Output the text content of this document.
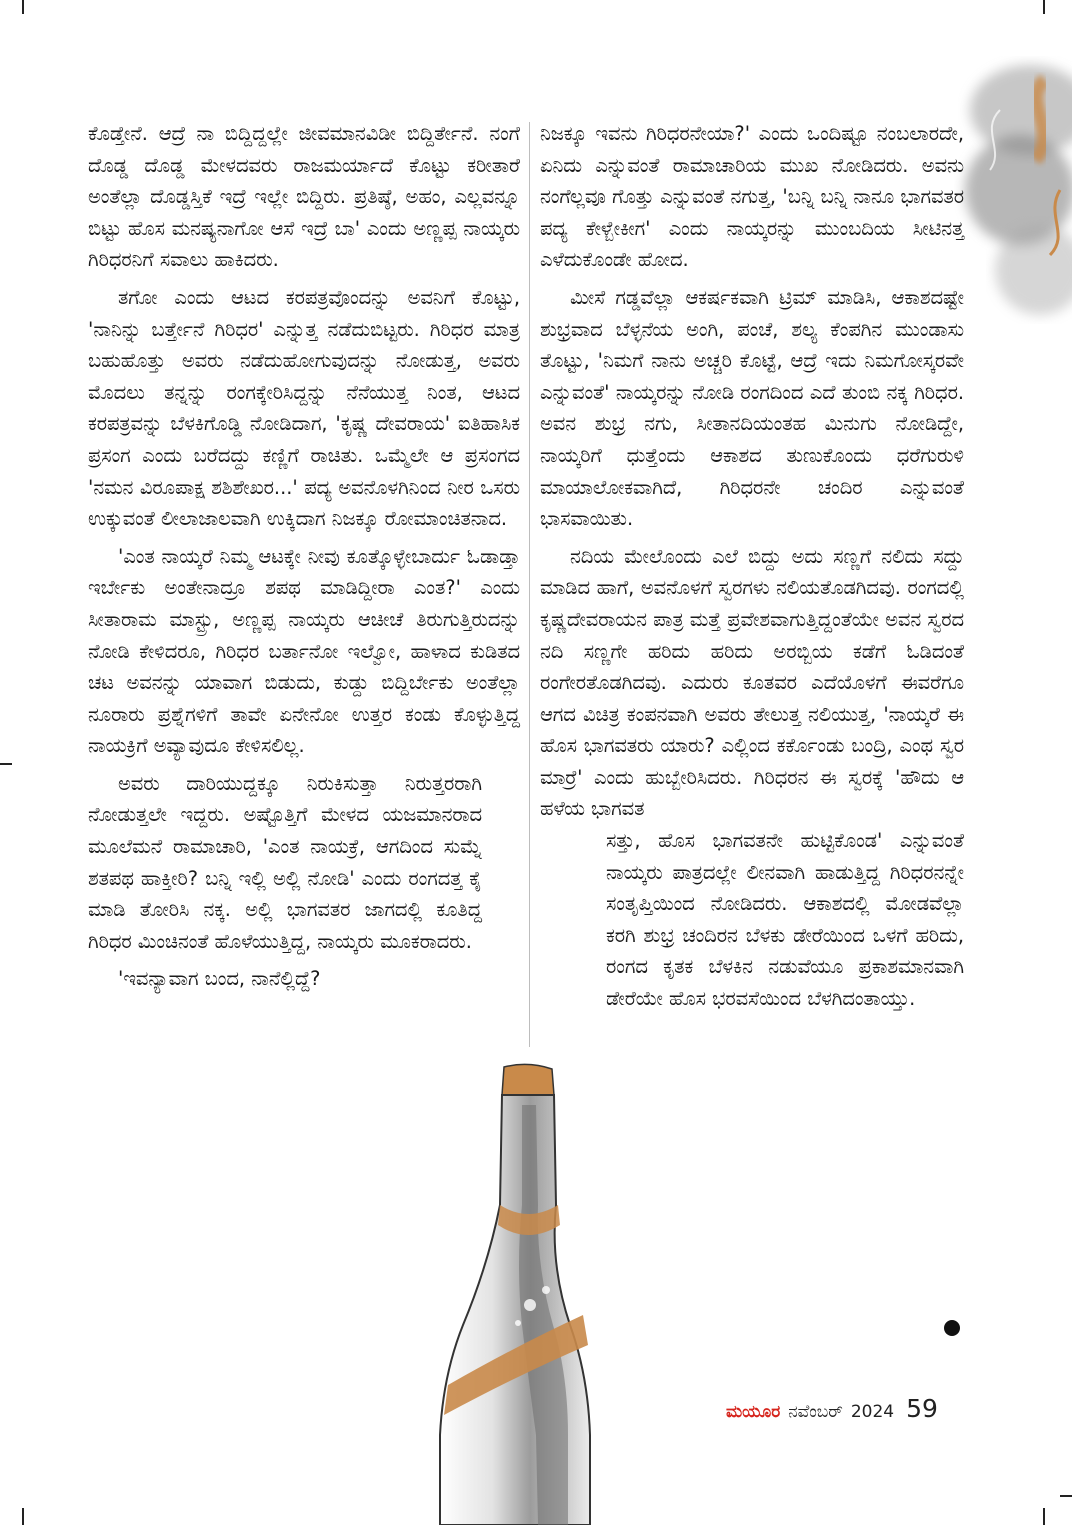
ಕೊಡ್ತೇನೆ. ಆದ್ರೆ ನಾ ಬಿದ್ದಿದ್ದಲ್ಲೇ ಜೀವಮಾನವಿಡೀ ಬಿದ್ದಿರ್ತೇನೆ. ನಂಗೆ ದೊಡ್ಡ ದೊಡ್ಡ ಮೇಳದವರು ರಾಜಮರ್ಯಾದೆ ಕೊಟ್ಟು ಕರೀತಾರೆ ಅಂತೆಲ್ಲಾ ದೊಡ್ಡಸ್ತಿಕೆ ಇದ್ರೆ ಇಲ್ಲೇ ಬಿದ್ದಿರು. ಪ್ರತಿಷ್ಠೆ, ಅಹಂ, ಎಲ್ಲವನ್ನೂ ಬಿಟ್ಟು ಹೊಸ ಮನಷ್ಯನಾಗೋ ಆಸೆ ಇದ್ರೆ ಬಾ' ಎಂದು ಅಣ್ಣಪ್ಪ ನಾಯ್ಕರು ಗಿರಿಧರನಿಗೆ ಸವಾಲು ಹಾಕಿದರು.

ತಗೋ ಎಂದು ಆಟದ ಕರಪತ್ರವೊಂದನ್ನು ಅವನಿಗೆ ಕೊಟ್ಟು, 'ನಾನಿನ್ನು ಬರ್ತ್ತೇನೆ ಗಿರಿಧರ' ಎನ್ನುತ್ತ ನಡೆದುಬಿಟ್ಟರು. ಗಿರಿಧರ ಮಾತ್ರ ಬಹುಹೊತ್ತು ಅವರು ನಡೆದುಹೋಗುವುದನ್ನು ನೋಡುತ್ತ, ಅವರು ಮೊದಲು ತನ್ನನ್ನು ರಂಗಕ್ಕೇರಿಸಿದ್ದನ್ನು ನೆನೆಯುತ್ತ ನಿಂತ, ಆಟದ ಕರಪತ್ರವನ್ನು ಬೆಳಕಿಗೊಡ್ಡಿ ನೋಡಿದಾಗ, 'ಕೃಷ್ಣ ದೇವರಾಯ' ಐತಿಹಾಸಿಕ ಪ್ರಸಂಗ ಎಂದು ಬರೆದದ್ದು ಕಣ್ಣಿಗೆ ರಾಚಿತು. ಒಮ್ಮೆಲೇ ಆ ಪ್ರಸಂಗದ 'ನಮನ ವಿರೂಪಾಕ್ಷ ಶಶಿಶೇಖರ...' ಪದ್ಯ ಅವನೊಳಗಿನಿಂದ ನೀರ ಒಸರು ಉಕ್ಕುವಂತೆ ಲೀಲಾಜಾಲವಾಗಿ ಉಕ್ಕಿದಾಗ ನಿಜಕ್ಕೂ ರೋಮಾಂಚಿತನಾದ.

'ಎಂತ ನಾಯ್ಕರೆ ನಿಮ್ಮ ಆಟಕ್ಕೇ ನೀವು ಕೂತ್ಕೊಳ್ಳೇಬಾರ್ದು ಓಡಾಡ್ತಾ ಇರ್ಬೇಕು ಅಂತೇನಾದ್ರೂ ಶಪಥ ಮಾಡಿದ್ದೀರಾ ಎಂತ?' ಎಂದು ಸೀತಾರಾಮ ಮಾಸ್ಟ್ರು, ಅಣ್ಣಪ್ಪ ನಾಯ್ಕರು ಆಚೀಚೆ ತಿರುಗುತ್ತಿರುದನ್ನು ನೋಡಿ ಕೇಳಿದರೂ, ಗಿರಿಧರ ಬರ್ತಾನೋ ಇಲ್ವೋ, ಹಾಳಾದ ಕುಡಿತದ ಚಟ ಅವನನ್ನು ಯಾವಾಗ ಬಿಡುದು, ಕುಡ್ದು ಬಿದ್ದಿರ್ಬೇಕು ಅಂತೆಲ್ಲಾ ನೂರಾರು ಪ್ರಶ್ನೆಗಳಿಗೆ ತಾವೇ ಏನೇನೋ ಉತ್ತರ ಕಂಡು ಕೊಳ್ಳುತ್ತಿದ್ದ ನಾಯಕ್ರಿಗೆ ಅವ್ಯಾವುದೂ ಕೇಳಿಸಲಿಲ್ಲ.

ಅವರು ದಾರಿಯುದ್ದಕ್ಕೂ ನಿರುಕಿಸುತ್ತಾ ನಿರುತ್ತರರಾಗಿ ನೋಡುತ್ತಲೇ ಇದ್ದರು. ಅಷ್ಟೊತ್ತಿಗೆ ಮೇಳದ ಯಜಮಾನರಾದ ಮೂಲೆಮನೆ ರಾಮಾಚಾರಿ, 'ಎಂತ ನಾಯಕ್ರೆ, ಆಗದಿಂದ ಸುಮ್ನೆ ಶತಪಥ ಹಾಕ್ತೀರಿ? ಬನ್ನಿ ಇಲ್ಲಿ ಅಲ್ಲಿ ನೋಡಿ' ಎಂದು ರಂಗದತ್ತ ಕೈ ಮಾಡಿ ತೋರಿಸಿ ನಕ್ಕ. ಅಲ್ಲಿ ಭಾಗವತರ ಜಾಗದಲ್ಲಿ ಕೂತಿದ್ದ ಗಿರಿಧರ ಮಿಂಚಿನಂತೆ ಹೊಳೆಯುತ್ತಿದ್ದ, ನಾಯ್ಕರು ಮೂಕರಾದರು.

'ಇವನ್ಯಾವಾಗ ಬಂದ, ನಾನೆಲ್ಲಿದ್ದೆ?

ನಿಜಕ್ಕೂ ಇವನು ಗಿರಿಧರನೇಯಾ?' ಎಂದು ಒಂದಿಷ್ಟೂ ನಂಬಲಾರದೇ, ಏನಿದು ಎನ್ನುವಂತೆ ರಾಮಾಚಾರಿಯ ಮುಖ ನೋಡಿದರು. ಅವನು ನಂಗೆಲ್ಲವೂ ಗೊತ್ತು ಎನ್ನುವಂತೆ ನಗುತ್ತ, 'ಬನ್ನಿ ಬನ್ನಿ ನಾನೂ ಭಾಗವತರ ಪದ್ಯ ಕೇಳ್ಬೇಕೀಗ' ಎಂದು ನಾಯ್ಕರನ್ನು ಮುಂಬದಿಯ ಸೀಟಿನತ್ತ ಎಳೆದುಕೊಂಡೇ ಹೋದ.

ಮೀಸೆ ಗಡ್ಡವೆಲ್ಲಾ ಆಕರ್ಷಕವಾಗಿ ಟ್ರಿಮ್ ಮಾಡಿಸಿ, ಆಕಾಶದಷ್ಟೇ ಶುಭ್ರವಾದ ಬೆಳ್ಳನೆಯ ಅಂಗಿ, ಪಂಚೆ, ಶಲ್ಯ ಕೆಂಪಗಿನ ಮುಂಡಾಸು ತೊಟ್ಟು, 'ನಿಮಗೆ ನಾನು ಅಚ್ಚರಿ ಕೊಟ್ಟೆ, ಆದ್ರೆ ಇದು ನಿಮಗೋಸ್ಕರವೇ ಎನ್ನುವಂತೆ' ನಾಯ್ಕರನ್ನು ನೋಡಿ ರಂಗದಿಂದ ಎದೆ ತುಂಬಿ ನಕ್ಕ ಗಿರಿಧರ. ಅವನ ಶುಭ್ರ ನಗು, ಸೀತಾನದಿಯಂತಹ ಮಿನುಗು ನೋಡಿದ್ದೇ, ನಾಯ್ಕರಿಗೆ ಧುತ್ತೆಂದು ಆಕಾಶದ ತುಣುಕೊಂದು ಧರೆಗುರುಳಿ ಮಾಯಾಲೋಕವಾಗಿದೆ, ಗಿರಿಧರನೇ ಚಂದಿರ ಎನ್ನುವಂತೆ ಭಾಸವಾಯಿತು.

ನದಿಯ ಮೇಲೊಂದು ಎಲೆ ಬಿದ್ದು ಅದು ಸಣ್ಣಗೆ ನಲಿದು ಸದ್ದು ಮಾಡಿದ ಹಾಗೆ, ಅವನೊಳಗೆ ಸ್ವರಗಳು ನಲಿಯತೊಡಗಿದವು. ರಂಗದಲ್ಲಿ ಕೃಷ್ಣದೇವರಾಯನ ಪಾತ್ರ ಮತ್ತೆ ಪ್ರವೇಶವಾಗುತ್ತಿದ್ದಂತೆಯೇ ಅವನ ಸ್ವರದ ನದಿ ಸಣ್ಣಗೇ ಹರಿದು ಹರಿದು ಅರಬ್ಬಿಯ ಕಡೆಗೆ ಓಡಿದಂತೆ ರಂಗೇರತೊಡಗಿದವು. ಎದುರು ಕೂತವರ ಎದೆಯೊಳಗೆ ಈವರೆಗೂ ಆಗದ ವಿಚಿತ್ರ ಕಂಪನವಾಗಿ ಅವರು ತೇಲುತ್ತ ನಲಿಯುತ್ತ, 'ನಾಯ್ಕರೆ ಈ ಹೊಸ ಭಾಗವತರು ಯಾರು? ಎಲ್ಲಿಂದ ಕರ್ಕೊಂಡು ಬಂದ್ರಿ, ಎಂಥ ಸ್ವರ ಮಾರ್ರೆ' ಎಂದು ಹುಬ್ಬೇರಿಸಿದರು. ಗಿರಿಧರನ ಈ ಸ್ವರಕ್ಕೆ 'ಹೌದು ಆ ಹಳೆಯ ಭಾಗವತ

ಸತ್ತು, ಹೊಸ ಭಾಗವತನೇ ಹುಟ್ಟಿಕೊಂಡ' ಎನ್ನುವಂತೆ ನಾಯ್ಕರು ಪಾತ್ರದಲ್ಲೇ ಲೀನವಾಗಿ ಹಾಡುತ್ತಿದ್ದ ಗಿರಿಧರನನ್ನೇ ಸಂತೃಪ್ತಿಯಿಂದ ನೋಡಿದರು. ಆಕಾಶದಲ್ಲಿ ಮೋಡವೆಲ್ಲಾ ಕರಗಿ ಶುಭ್ರ ಚಂದಿರನ ಬೆಳಕು ಡೇರೆಯಿಂದ ಒಳಗೆ ಹರಿದು, ರಂಗದ ಕೃತಕ ಬೆಳಕಿನ ನಡುವೆಯೂ ಪ್ರಕಾಶಮಾನವಾಗಿ ಡೇರೆಯೇ ಹೊಸ ಭರವಸೆಯಿಂದ ಬೆಳಗಿದಂತಾಯ್ತು.

ಮಯೂರ ನವೆಂಬರ್ 2024 59
